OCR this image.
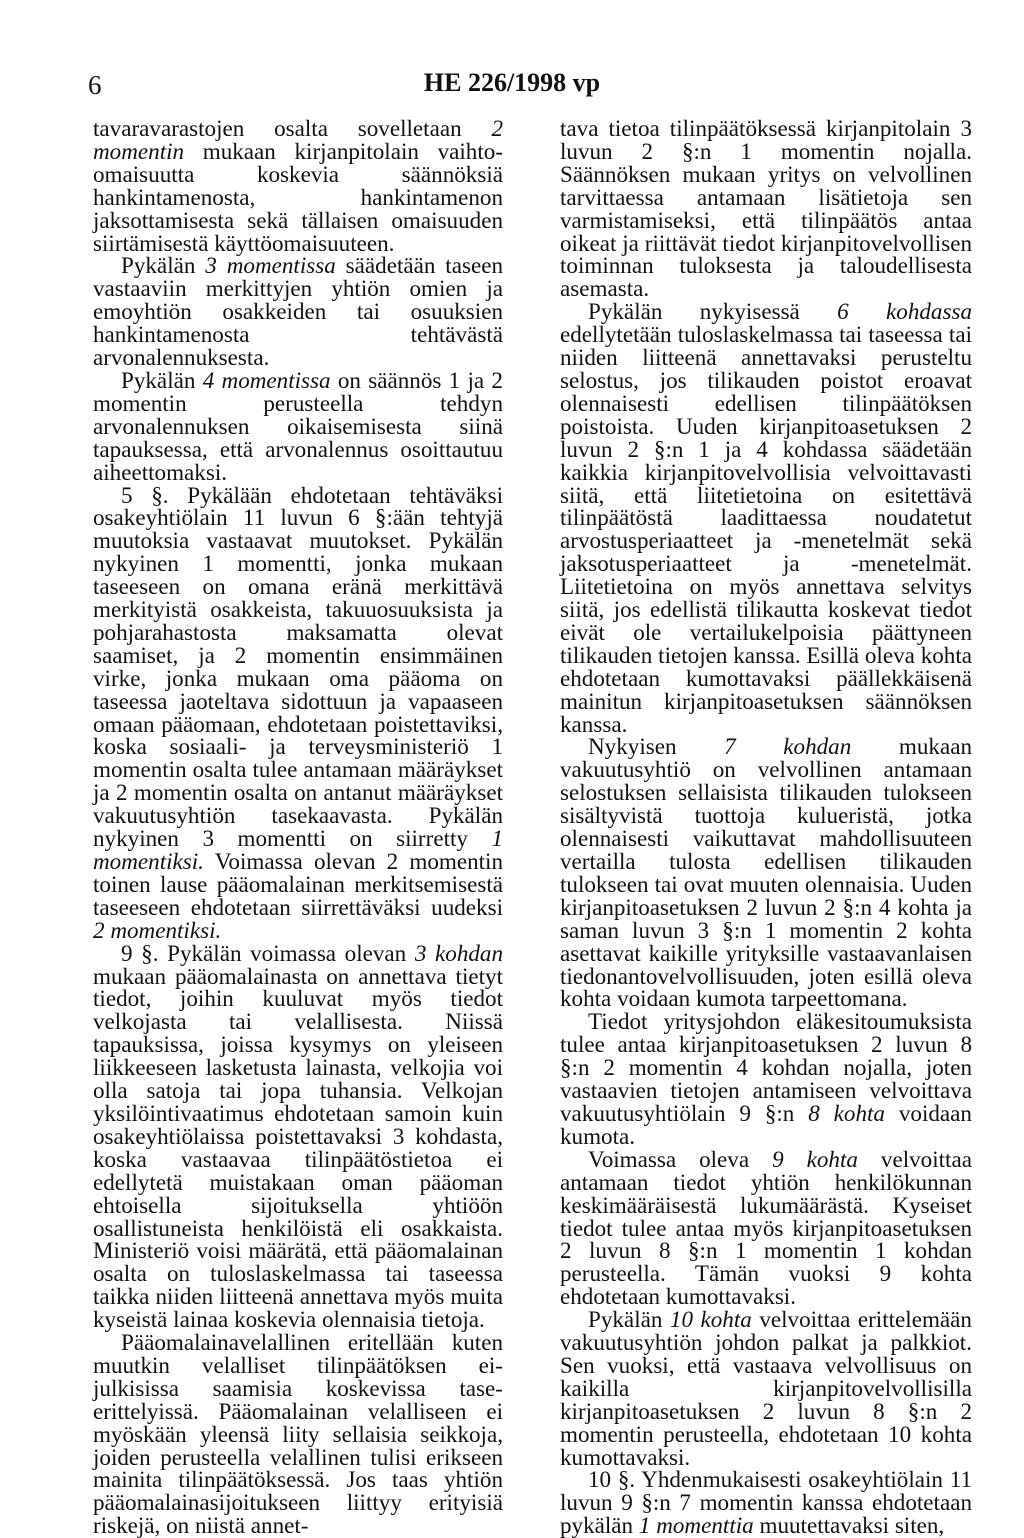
6	HE 226/1998 vp

tavaravarastojen osalta sovelletaan 2 momentin mukaan kirjanpitolain vaihto-omaisuutta koskevia säännöksiä hankintamenosta, hankintamenon jaksottamisesta sekä tällaisen omaisuuden siirtämisestä käyttöomaisuuteen.

Pykälän 3 momentissa säädetään taseen vastaaviin merkittyjen yhtiön omien ja emoyhtiön osakkeiden tai osuuksien hankintamenosta tehtävästä arvonalennuksesta.

Pykälän 4 momentissa on säännös 1 ja 2 momentin perusteella tehdyn arvonalennuksen oikaisemisesta siinä tapauksessa, että arvonalennus osoittautuu aiheettomaksi.

5 §. Pykälään ehdotetaan tehtäväksi osakeyhtiölain 11 luvun 6 §:ään tehtyjä muutoksia vastaavat muutokset. Pykälän nykyinen 1 momentti, jonka mukaan taseeseen on omana eränä merkittävä merkityistä osakkeista, takuuosuuksista ja pohjarahastosta maksamatta olevat saamiset, ja 2 momentin ensimmäinen virke, jonka mukaan oma pääoma on taseessa jaoteltava sidottuun ja vapaaseen omaan pääomaan, ehdotetaan poistettaviksi, koska sosiaali- ja terveysministeriö 1 momentin osalta tulee antamaan määräykset ja 2 momentin osalta on antanut määräykset vakuutusyhtiön tasekaavasta. Pykälän nykyinen 3 momentti on siirretty 1 momentiksi. Voimassa olevan 2 momentin toinen lause pääomalainan merkitsemisestä taseeseen ehdotetaan siirrettäväksi uudeksi 2 momentiksi.

9 §. Pykälän voimassa olevan 3 kohdan mukaan pääomalainasta on annettava tietyt tiedot, joihin kuuluvat myös tiedot velkojasta tai velallisesta. Niissä tapauksissa, joissa kysymys on yleiseen liikkeeseen lasketusta lainasta, velkojia voi olla satoja tai jopa tuhansia. Velkojan yksilöintivaatimus ehdotetaan samoin kuin osakeyhtiölaissa poistettavaksi 3 kohdasta, koska vastaavaa tilinpäätöstietoa ei edellytetä muistakaan oman pääoman ehtoisella sijoituksella yhtiöön osallistuneista henkilöistä eli osakkaista. Ministeriö voisi määrätä, että pääomalainan osalta on tuloslaskelmassa tai taseessa taikka niiden liitteenä annettava myös muita kyseistä lainaa koskevia olennaisia tietoja.

Pääomalainavelallinen eritellään kuten muutkin velalliset tilinpäätöksen ei-julkisissa saamisia koskevissa tase-erittelyissä. Pääomalainan velalliseen ei myöskään yleensä liity sellaisia seikkoja, joiden perusteella velallinen tulisi erikseen mainita tilinpäätöksessä. Jos taas yhtiön pääomalainasijoitukseen liittyy erityisiä riskejä, on niistä annet-

tava tietoa tilinpäätöksessä kirjanpitolain 3 luvun 2 §:n 1 momentin nojalla. Säännöksen mukaan yritys on velvollinen tarvittaessa antamaan lisätietoja sen varmistamiseksi, että tilinpäätös antaa oikeat ja riittävät tiedot kirjanpitovelvollisen toiminnan tuloksesta ja taloudellisesta asemasta.

Pykälän nykyisessä 6 kohdassa edellytetään tuloslaskelmassa tai taseessa tai niiden liitteenä annettavaksi perusteltu selostus, jos tilikauden poistot eroavat olennaisesti edellisen tilinpäätöksen poistoista. Uuden kirjanpitoasetuksen 2 luvun 2 §:n 1 ja 4 kohdassa säädetään kaikkia kirjanpitovelvollisia velvoittavasti siitä, että liitetietoina on esitettävä tilinpäätöstä laadittaessa noudatetut arvostusperiaatteet ja -menetelmät sekä jaksotusperiaatteet ja -menetelmät. Liitetietoina on myös annettava selvitys siitä, jos edellistä tilikautta koskevat tiedot eivät ole vertailukelpoisia päättyneen tilikauden tietojen kanssa. Esillä oleva kohta ehdotetaan kumottavaksi päällekkäisenä mainitun kirjanpitoasetuksen säännöksen kanssa.

Nykyisen 7 kohdan mukaan vakuutusyhtiö on velvollinen antamaan selostuksen sellaisista tilikauden tulokseen sisältyvistä tuottoja kulueristä, jotka olennaisesti vaikuttavat mahdollisuuteen vertailla tulosta edellisen tilikauden tulokseen tai ovat muuten olennaisia. Uuden kirjanpitoasetuksen 2 luvun 2 §:n 4 kohta ja saman luvun 3 §:n 1 momentin 2 kohta asettavat kaikille yrityksille vastaavanlaisen tiedonantovelvollisuuden, joten esillä oleva kohta voidaan kumota tarpeettomana.

Tiedot yritysjohdon eläkesitoumuksista tulee antaa kirjanpitoasetuksen 2 luvun 8 §:n 2 momentin 4 kohdan nojalla, joten vastaavien tietojen antamiseen velvoittava vakuutusyhtiölain 9 §:n 8 kohta voidaan kumota.

Voimassa oleva 9 kohta velvoittaa antamaan tiedot yhtiön henkilökunnan keskimääräisestä lukumäärästä. Kyseiset tiedot tulee antaa myös kirjanpitoasetuksen 2 luvun 8 §:n 1 momentin 1 kohdan perusteella. Tämän vuoksi 9 kohta ehdotetaan kumottavaksi.

Pykälän 10 kohta velvoittaa erittelemään vakuutusyhtiön johdon palkat ja palkkiot. Sen vuoksi, että vastaava velvollisuus on kaikilla kirjanpitovelvollisilla kirjanpitoasetuksen 2 luvun 8 §:n 2 momentin perusteella, ehdotetaan 10 kohta kumottavaksi.

10 §. Yhdenmukaisesti osakeyhtiölain 11 luvun 9 §:n 7 momentin kanssa ehdotetaan pykälän 1 momenttia muutettavaksi siten,
